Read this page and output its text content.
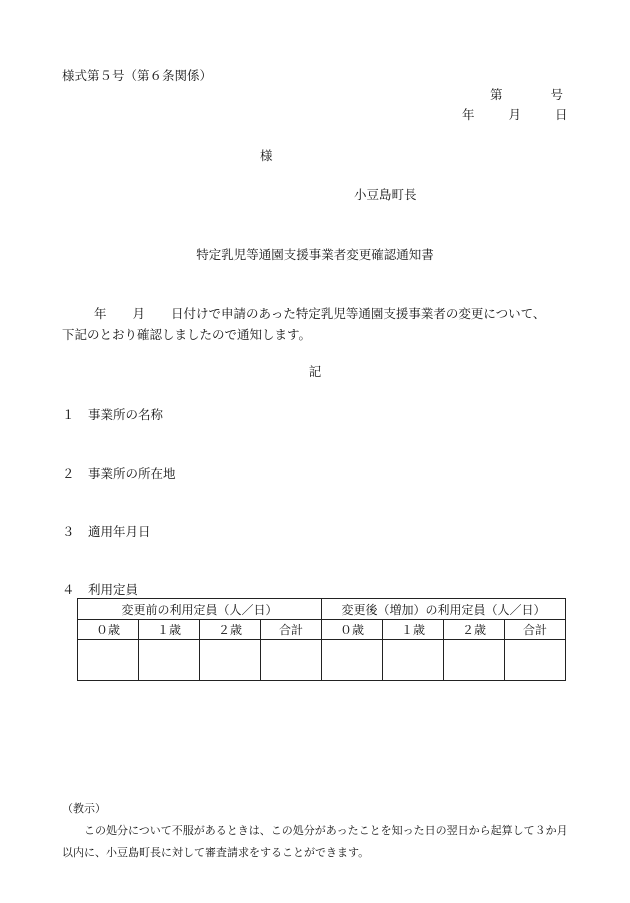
様式第５号（第６条関係）
第	号
年	月	日
様
小豆島町長
特定乳児等通園支援事業者変更確認通知書
年 月 日付けで申請のあった特定乳児等通園支援事業者の変更について、
下記のとおり確認しましたので通知します。
記
１ 事業所の名称
２ 事業所の所在地
３ 適用年月日
４ 利用定員
変更前の利用定員（人／日）				変更後（増加）の利用定員（人／日）			
０歳	１歳	２歳	合計	０歳	１歳	２歳	合計

（教示）
この処分について不服があるときは、この処分があったことを知った日の翌日から起算して３か月
以内に、小豆島町長に対して審査請求をすることができます。
